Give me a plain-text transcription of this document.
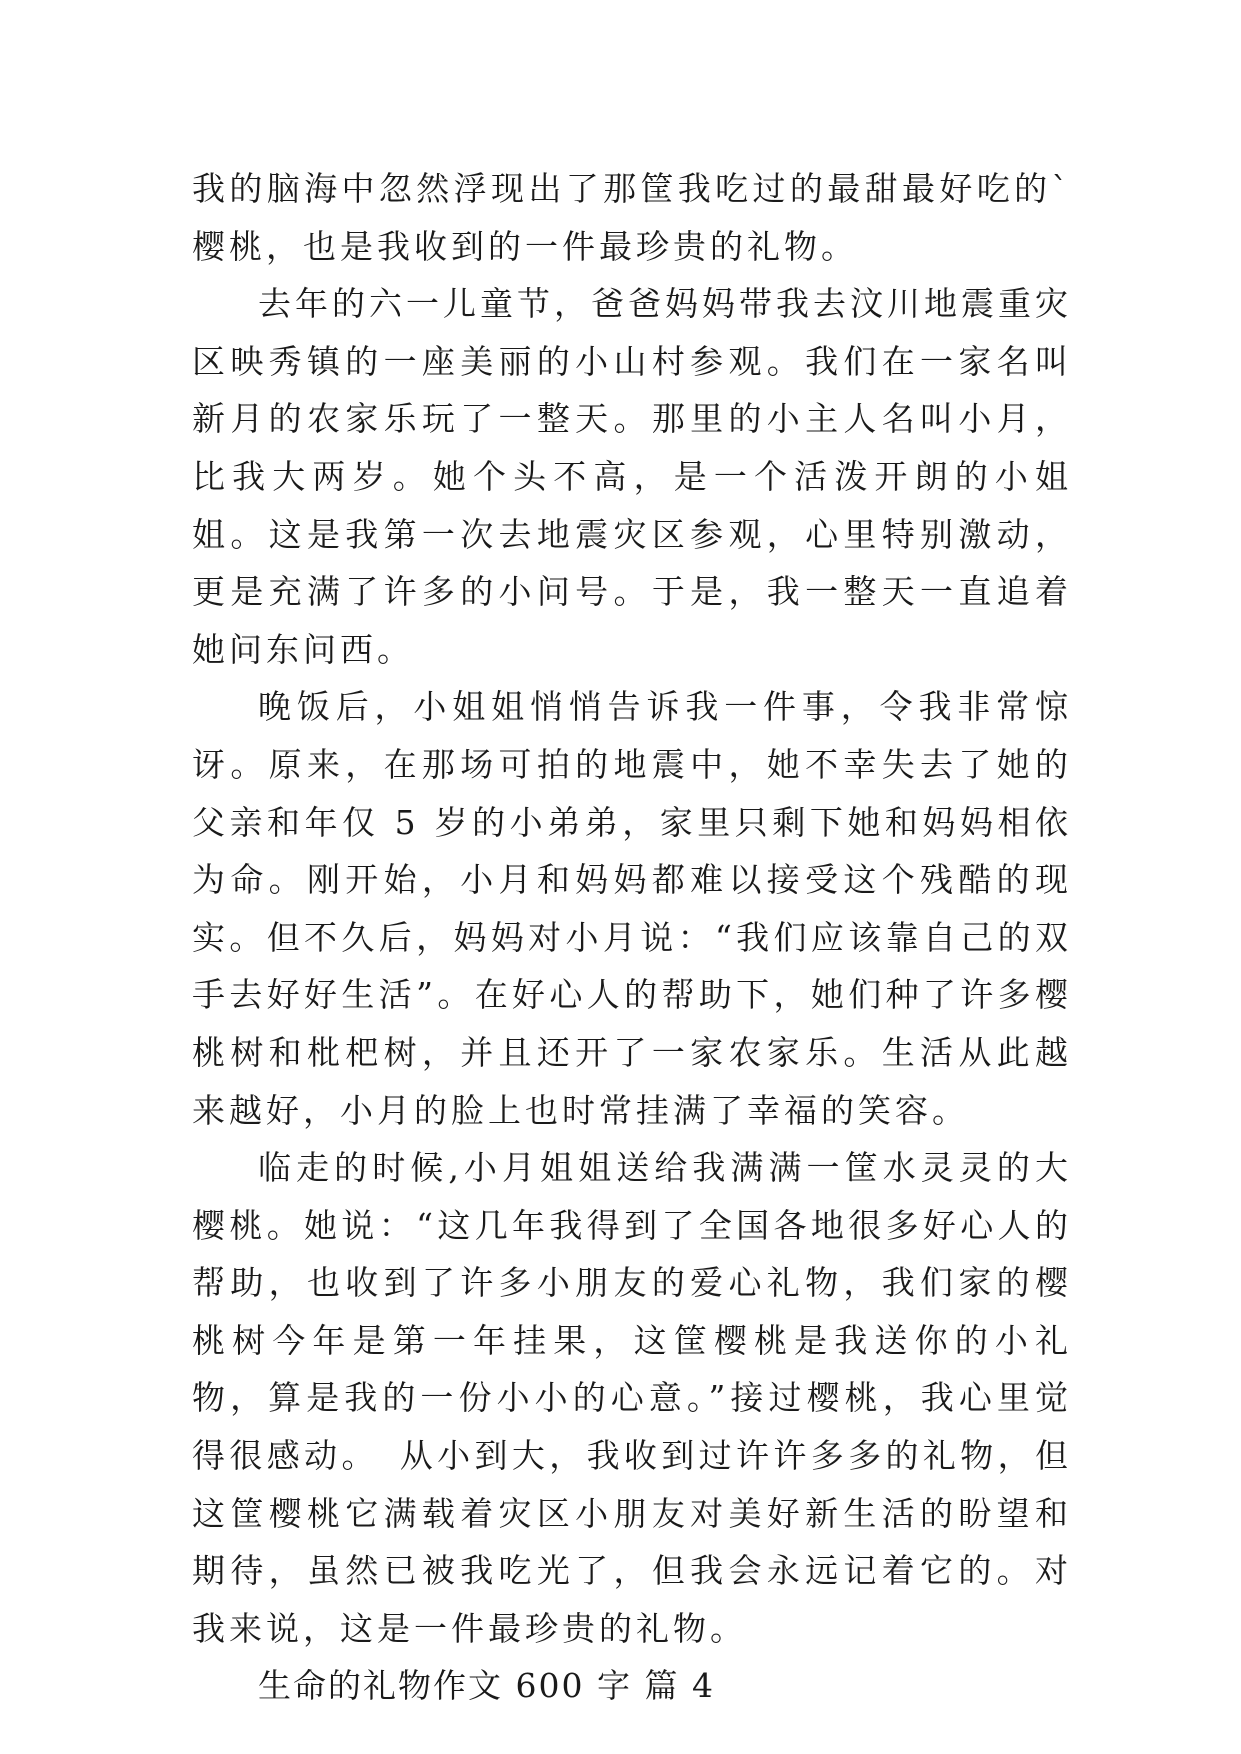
我的脑海中忽然浮现出了那筐我吃过的最甜最好吃的`樱桃，也是我收到的一件最珍贵的礼物。

去年的六一儿童节，爸爸妈妈带我去汶川地震重灾区映秀镇的一座美丽的小山村参观。我们在一家名叫新月的农家乐玩了一整天。那里的小主人名叫小月，比我大两岁。她个头不高，是一个活泼开朗的小姐姐。这是我第一次去地震灾区参观，心里特别激动，更是充满了许多的小问号。于是，我一整天一直追着她问东问西。

晚饭后，小姐姐悄悄告诉我一件事，令我非常惊讶。原来，在那场可拍的地震中，她不幸失去了她的父亲和年仅 5 岁的小弟弟，家里只剩下她和妈妈相依为命。刚开始，小月和妈妈都难以接受这个残酷的现实。但不久后，妈妈对小月说：“我们应该靠自己的双手去好好生活”。在好心人的帮助下，她们种了许多樱桃树和枇杷树，并且还开了一家农家乐。生活从此越来越好，小月的脸上也时常挂满了幸福的笑容。

临走的时候,小月姐姐送给我满满一筐水灵灵的大樱桃。她说：“这几年我得到了全国各地很多好心人的帮助，也收到了许多小朋友的爱心礼物，我们家的樱桃树今年是第一年挂果，这筐樱桃是我送你的小礼物，算是我的一份小小的心意。”接过樱桃，我心里觉得很感动。　从小到大，我收到过许许多多的礼物，但这筐樱桃它满载着灾区小朋友对美好新生活的盼望和期待，虽然已被我吃光了，但我会永远记着它的。对我来说，这是一件最珍贵的礼物。

生命的礼物作文 600 字 篇 4
